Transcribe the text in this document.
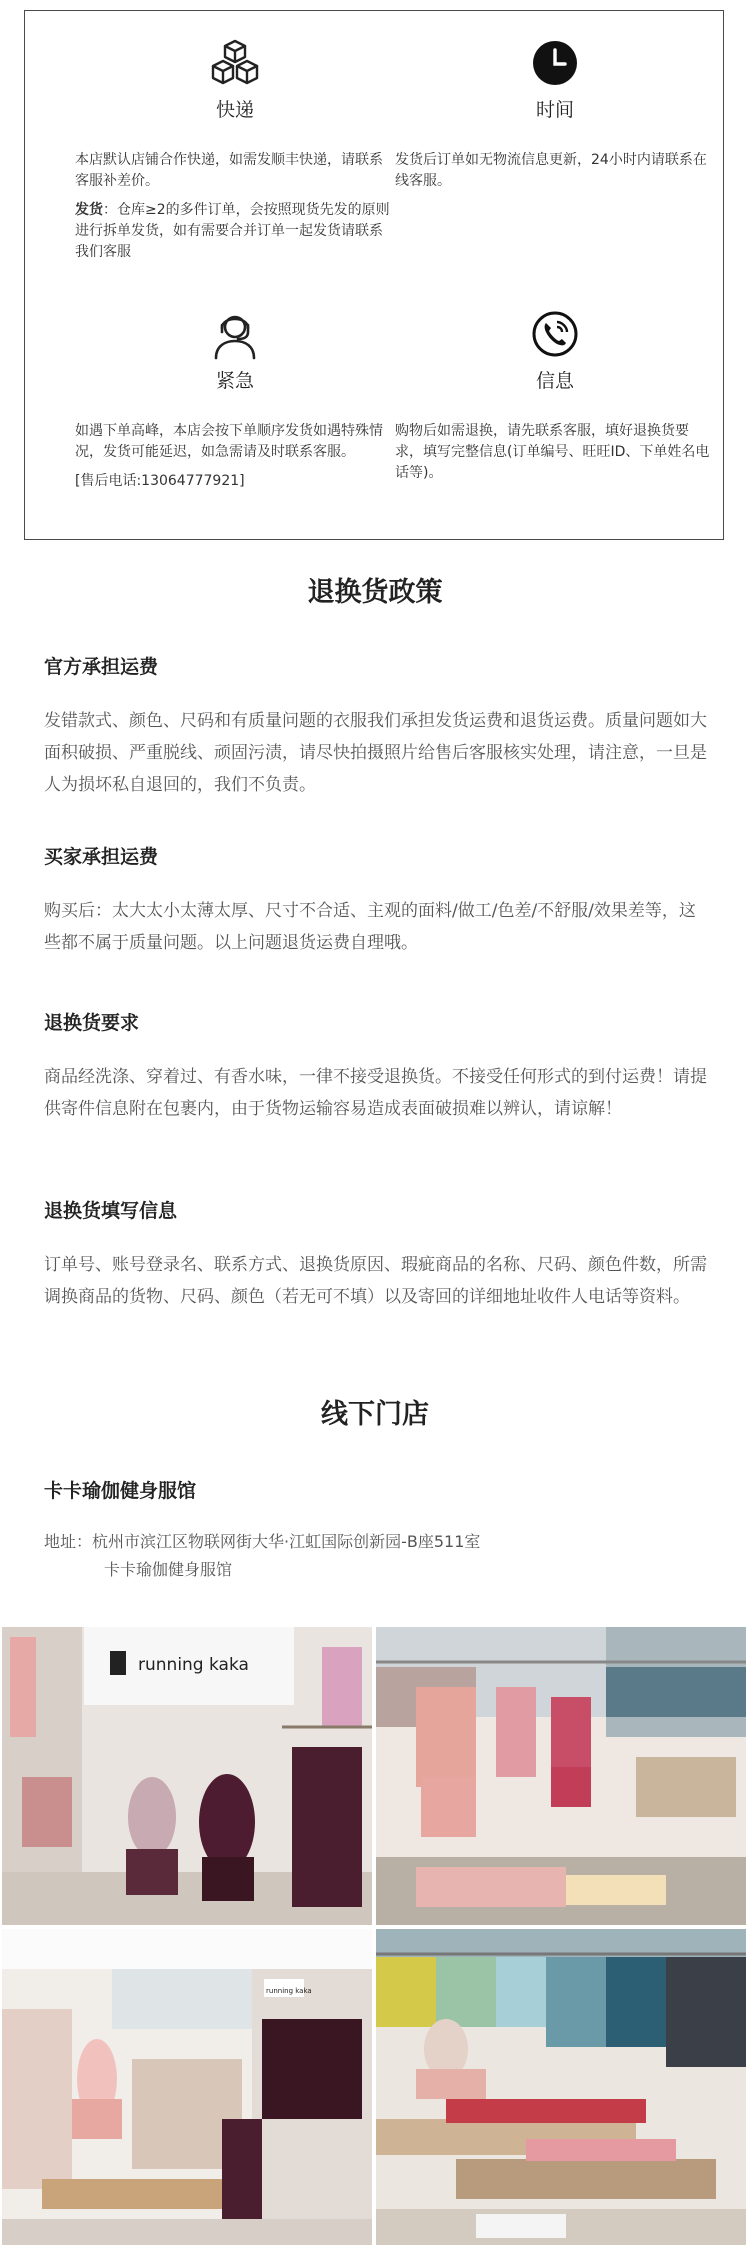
快递

本店默认店铺合作快递，如需发顺丰快递，请联系客服补差价。

发货：仓库≥2的多件订单，会按照现货先发的原则进行拆单发货，如有需要合并订单一起发货请联系我们客服

时间

发货后订单如无物流信息更新，24小时内请联系在线客服。

紧急

如遇下单高峰，本店会按下单顺序发货如遇特殊情况，发货可能延迟，如急需请及时联系客服。

[售后电话:13064777921]

信息

购物后如需退换，请先联系客服，填好退换货要求，填写完整信息(订单编号、旺旺ID、下单姓名电话等)。

退换货政策
官方承担运费
发错款式、颜色、尺码和有质量问题的衣服我们承担发货运费和退货运费。质量问题如大面积破损、严重脱线、顽固污渍，请尽快拍摄照片给售后客服核实处理，请注意，一旦是人为损坏私自退回的，我们不负责。
买家承担运费
购买后：太大太小太薄太厚、尺寸不合适、主观的面料/做工/色差/不舒服/效果差等，这些都不属于质量问题。以上问题退货运费自理哦。
退换货要求
商品经洗涤、穿着过、有香水味，一律不接受退换货。不接受任何形式的到付运费！请提供寄件信息附在包裹内，由于货物运输容易造成表面破损难以辨认，请谅解！
退换货填写信息
订单号、账号登录名、联系方式、退换货原因、瑕疵商品的名称、尺码、颜色件数，所需调换商品的货物、尺码、颜色（若无可不填）以及寄回的详细地址收件人电话等资料。
线下门店
卡卡瑜伽健身服馆
地址：杭州市滨江区物联网街大华·江虹国际创新园-B座511室
卡卡瑜伽健身服馆
running kaka
running kaka
